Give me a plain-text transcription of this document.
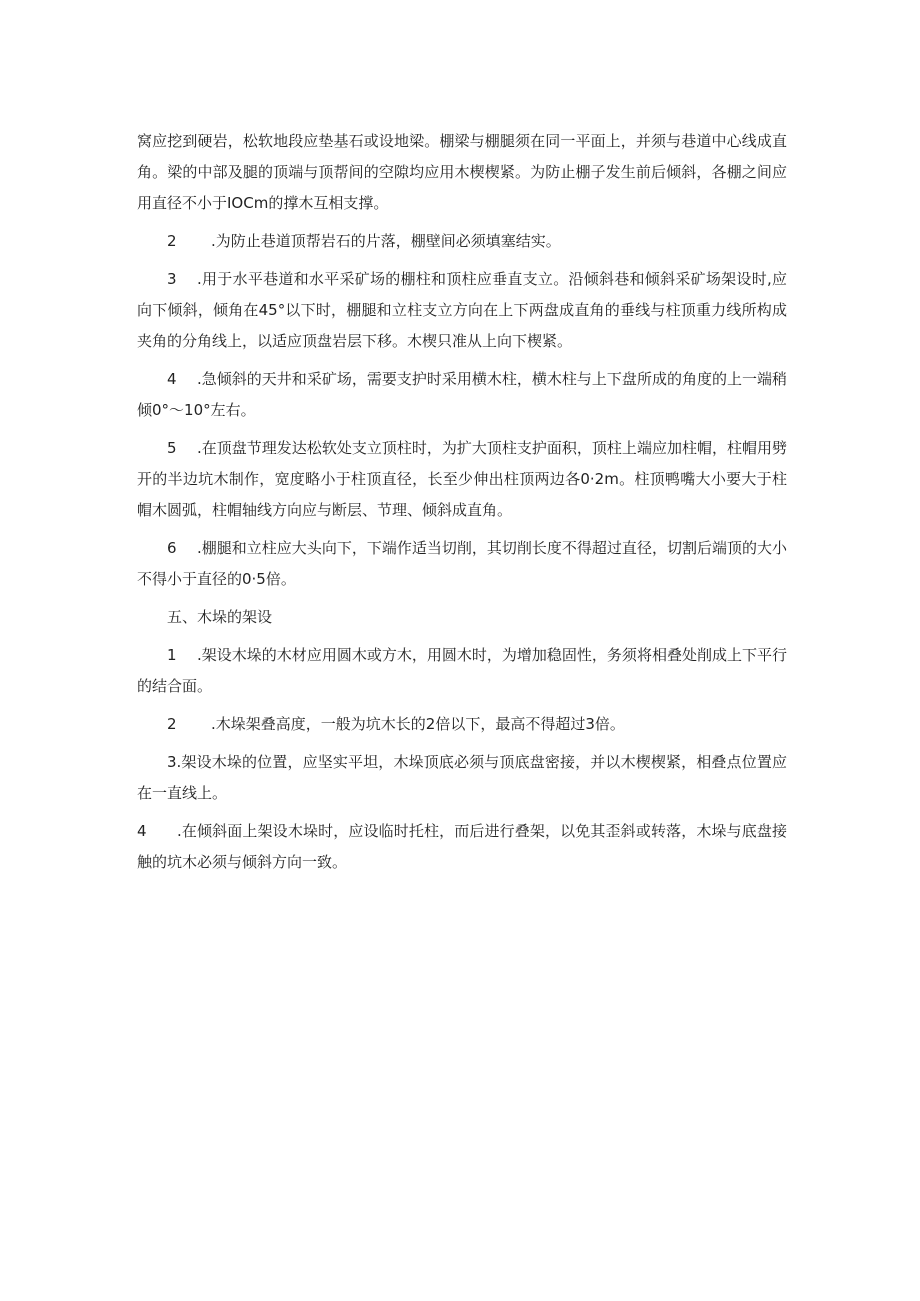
窝应挖到硬岩，松软地段应垫基石或设地梁。棚梁与棚腿须在同一平面上，并须与巷道中心线成直角。梁的中部及腿的顶端与顶帮间的空隙均应用木楔楔紧。为防止棚子发生前后倾斜，各棚之间应用直径不小于IOCm的撑木互相支撑。

2 .为防止巷道顶帮岩石的片落，棚壁间必须填塞结实。

3 .用于水平巷道和水平采矿场的棚柱和顶柱应垂直支立。沿倾斜巷和倾斜采矿场架设时,应向下倾斜，倾角在45°以下时，棚腿和立柱支立方向在上下两盘成直角的垂线与柱顶重力线所构成夹角的分角线上，以适应顶盘岩层下移。木楔只准从上向下楔紧。

4 .急倾斜的天井和采矿场，需要支护时采用横木柱，横木柱与上下盘所成的角度的上一端稍倾0°～10°左右。

5 .在顶盘节理发达松软处支立顶柱时，为扩大顶柱支护面积，顶柱上端应加柱帽，柱帽用劈开的半边坑木制作，宽度略小于柱顶直径，长至少伸出柱顶两边各0·2m。柱顶鸭嘴大小要大于柱帽木圆弧，柱帽轴线方向应与断层、节理、倾斜成直角。

6 .棚腿和立柱应大头向下，下端作适当切削，其切削长度不得超过直径，切割后端顶的大小不得小于直径的0·5倍。

五、木垛的架设

1 .架设木垛的木材应用圆木或方木，用圆木时，为增加稳固性，务须将相叠处削成上下平行的结合面。

2 .木垛架叠高度，一般为坑木长的2倍以下，最高不得超过3倍。

3.架设木垛的位置，应坚实平坦，木垛顶底必须与顶底盘密接，并以木楔楔紧，相叠点位置应在一直线上。

4 .在倾斜面上架设木垛时，应设临时托柱，而后进行叠架，以免其歪斜或转落，木垛与底盘接触的坑木必须与倾斜方向一致。
